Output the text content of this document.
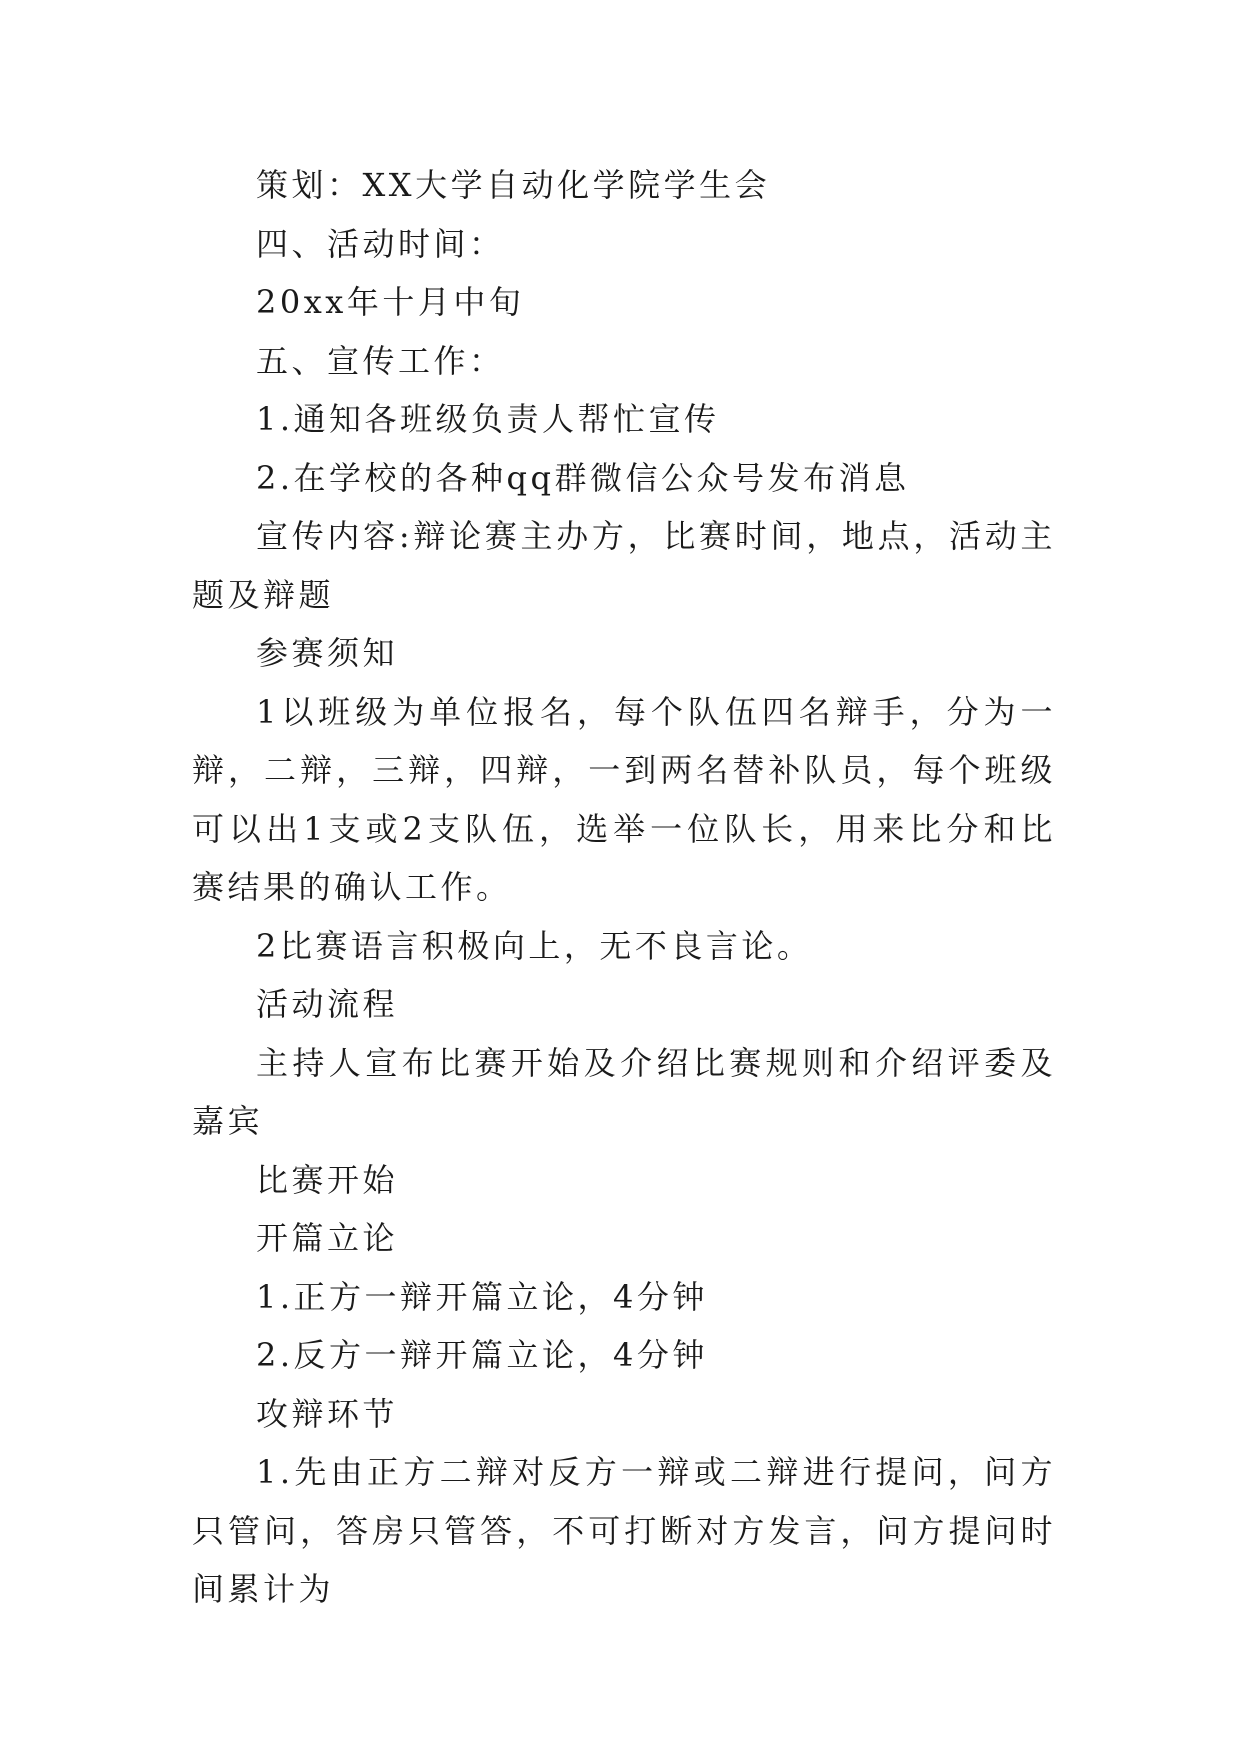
策划：XX大学自动化学院学生会

四、活动时间：

20xx年十月中旬

五、宣传工作：

1.通知各班级负责人帮忙宣传

2.在学校的各种qq群微信公众号发布消息

宣传内容:辩论赛主办方，比赛时间，地点，活动主题及辩题

参赛须知

1以班级为单位报名，每个队伍四名辩手，分为一辩，二辩，三辩，四辩，一到两名替补队员，每个班级可以出1支或2支队伍，选举一位队长，用来比分和比赛结果的确认工作。

2比赛语言积极向上，无不良言论。

活动流程

主持人宣布比赛开始及介绍比赛规则和介绍评委及嘉宾

比赛开始

开篇立论

1.正方一辩开篇立论，4分钟

2.反方一辩开篇立论，4分钟

攻辩环节

1.先由正方二辩对反方一辩或二辩进行提问，问方只管问，答房只管答，不可打断对方发言，问方提问时间累计为
